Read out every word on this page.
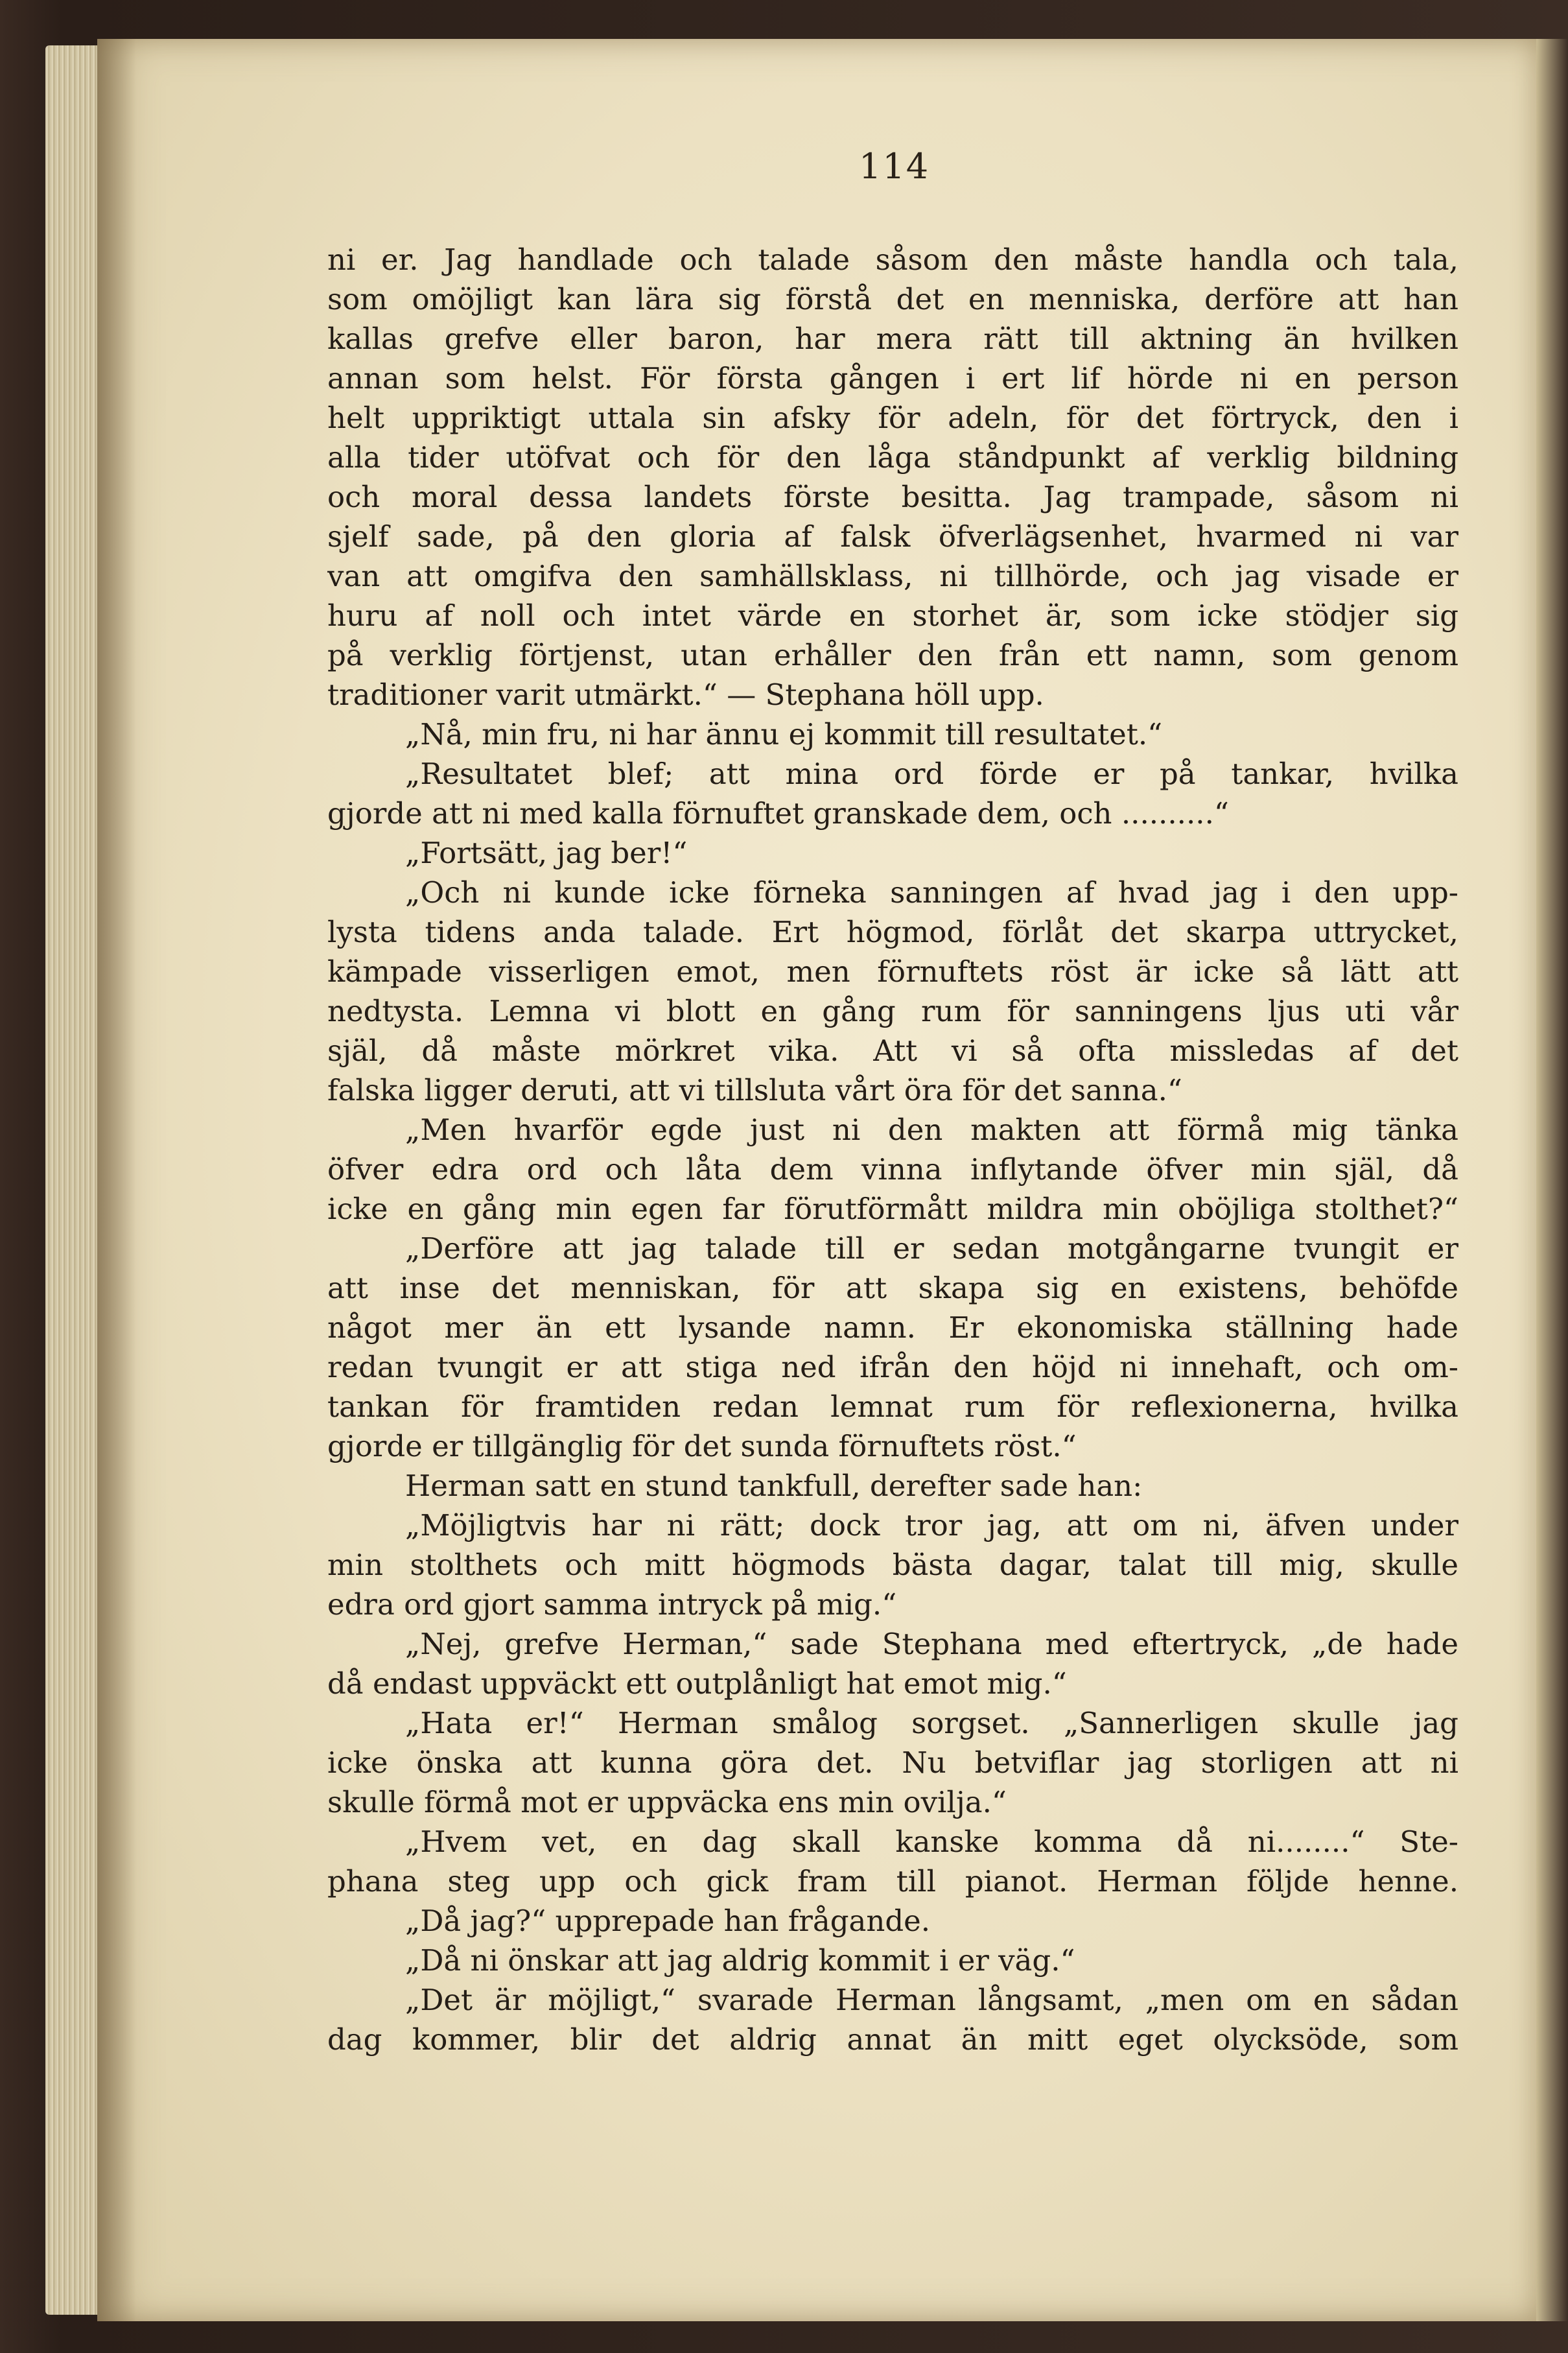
114
ni er. Jag handlade och talade såsom den måste handla och tala,
som omöjligt kan lära sig förstå det en menniska, derföre att han
kallas grefve eller baron, har mera rätt till aktning än hvilken
annan som helst. För första gången i ert lif hörde ni en person
helt uppriktigt uttala sin afsky för adeln, för det förtryck, den i
alla tider utöfvat och för den låga ståndpunkt af verklig bildning
och moral dessa landets förste besitta. Jag trampade, såsom ni
sjelf sade, på den gloria af falsk öfverlägsenhet, hvarmed ni var
van att omgifva den samhällsklass, ni tillhörde, och jag visade er
huru af noll och intet värde en storhet är, som icke stödjer sig
på verklig förtjenst, utan erhåller den från ett namn, som genom
traditioner varit utmärkt.“ — Stephana höll upp.
„Nå, min fru, ni har ännu ej kommit till resultatet.“
„Resultatet blef; att mina ord förde er på tankar, hvilka
gjorde att ni med kalla förnuftet granskade dem, och ..........“
„Fortsätt, jag ber!“
„Och ni kunde icke förneka sanningen af hvad jag i den upp-
lysta tidens anda talade. Ert högmod, förlåt det skarpa uttrycket,
kämpade visserligen emot, men förnuftets röst är icke så lätt att
nedtysta. Lemna vi blott en gång rum för sanningens ljus uti vår
själ, då måste mörkret vika. Att vi så ofta missledas af det
falska ligger deruti, att vi tillsluta vårt öra för det sanna.“
„Men hvarför egde just ni den makten att förmå mig tänka
öfver edra ord och låta dem vinna inflytande öfver min själ, då
icke en gång min egen far förutförmått mildra min oböjliga stolthet?“
„Derföre att jag talade till er sedan motgångarne tvungit er
att inse det menniskan, för att skapa sig en existens, behöfde
något mer än ett lysande namn. Er ekonomiska ställning hade
redan tvungit er att stiga ned ifrån den höjd ni innehaft, och om-
tankan för framtiden redan lemnat rum för reflexionerna, hvilka
gjorde er tillgänglig för det sunda förnuftets röst.“
Herman satt en stund tankfull, derefter sade han:
„Möjligtvis har ni rätt; dock tror jag, att om ni, äfven under
min stolthets och mitt högmods bästa dagar, talat till mig, skulle
edra ord gjort samma intryck på mig.“
„Nej, grefve Herman,“ sade Stephana med eftertryck, „de hade
då endast uppväckt ett outplånligt hat emot mig.“
„Hata er!“ Herman smålog sorgset. „Sannerligen skulle jag
icke önska att kunna göra det. Nu betviflar jag storligen att ni
skulle förmå mot er uppväcka ens min ovilja.“
„Hvem vet, en dag skall kanske komma då ni........“ Ste-
phana steg upp och gick fram till pianot. Herman följde henne.
„Då jag?“ upprepade han frågande.
„Då ni önskar att jag aldrig kommit i er väg.“
„Det är möjligt,“ svarade Herman långsamt, „men om en sådan
dag kommer, blir det aldrig annat än mitt eget olycksöde, som
